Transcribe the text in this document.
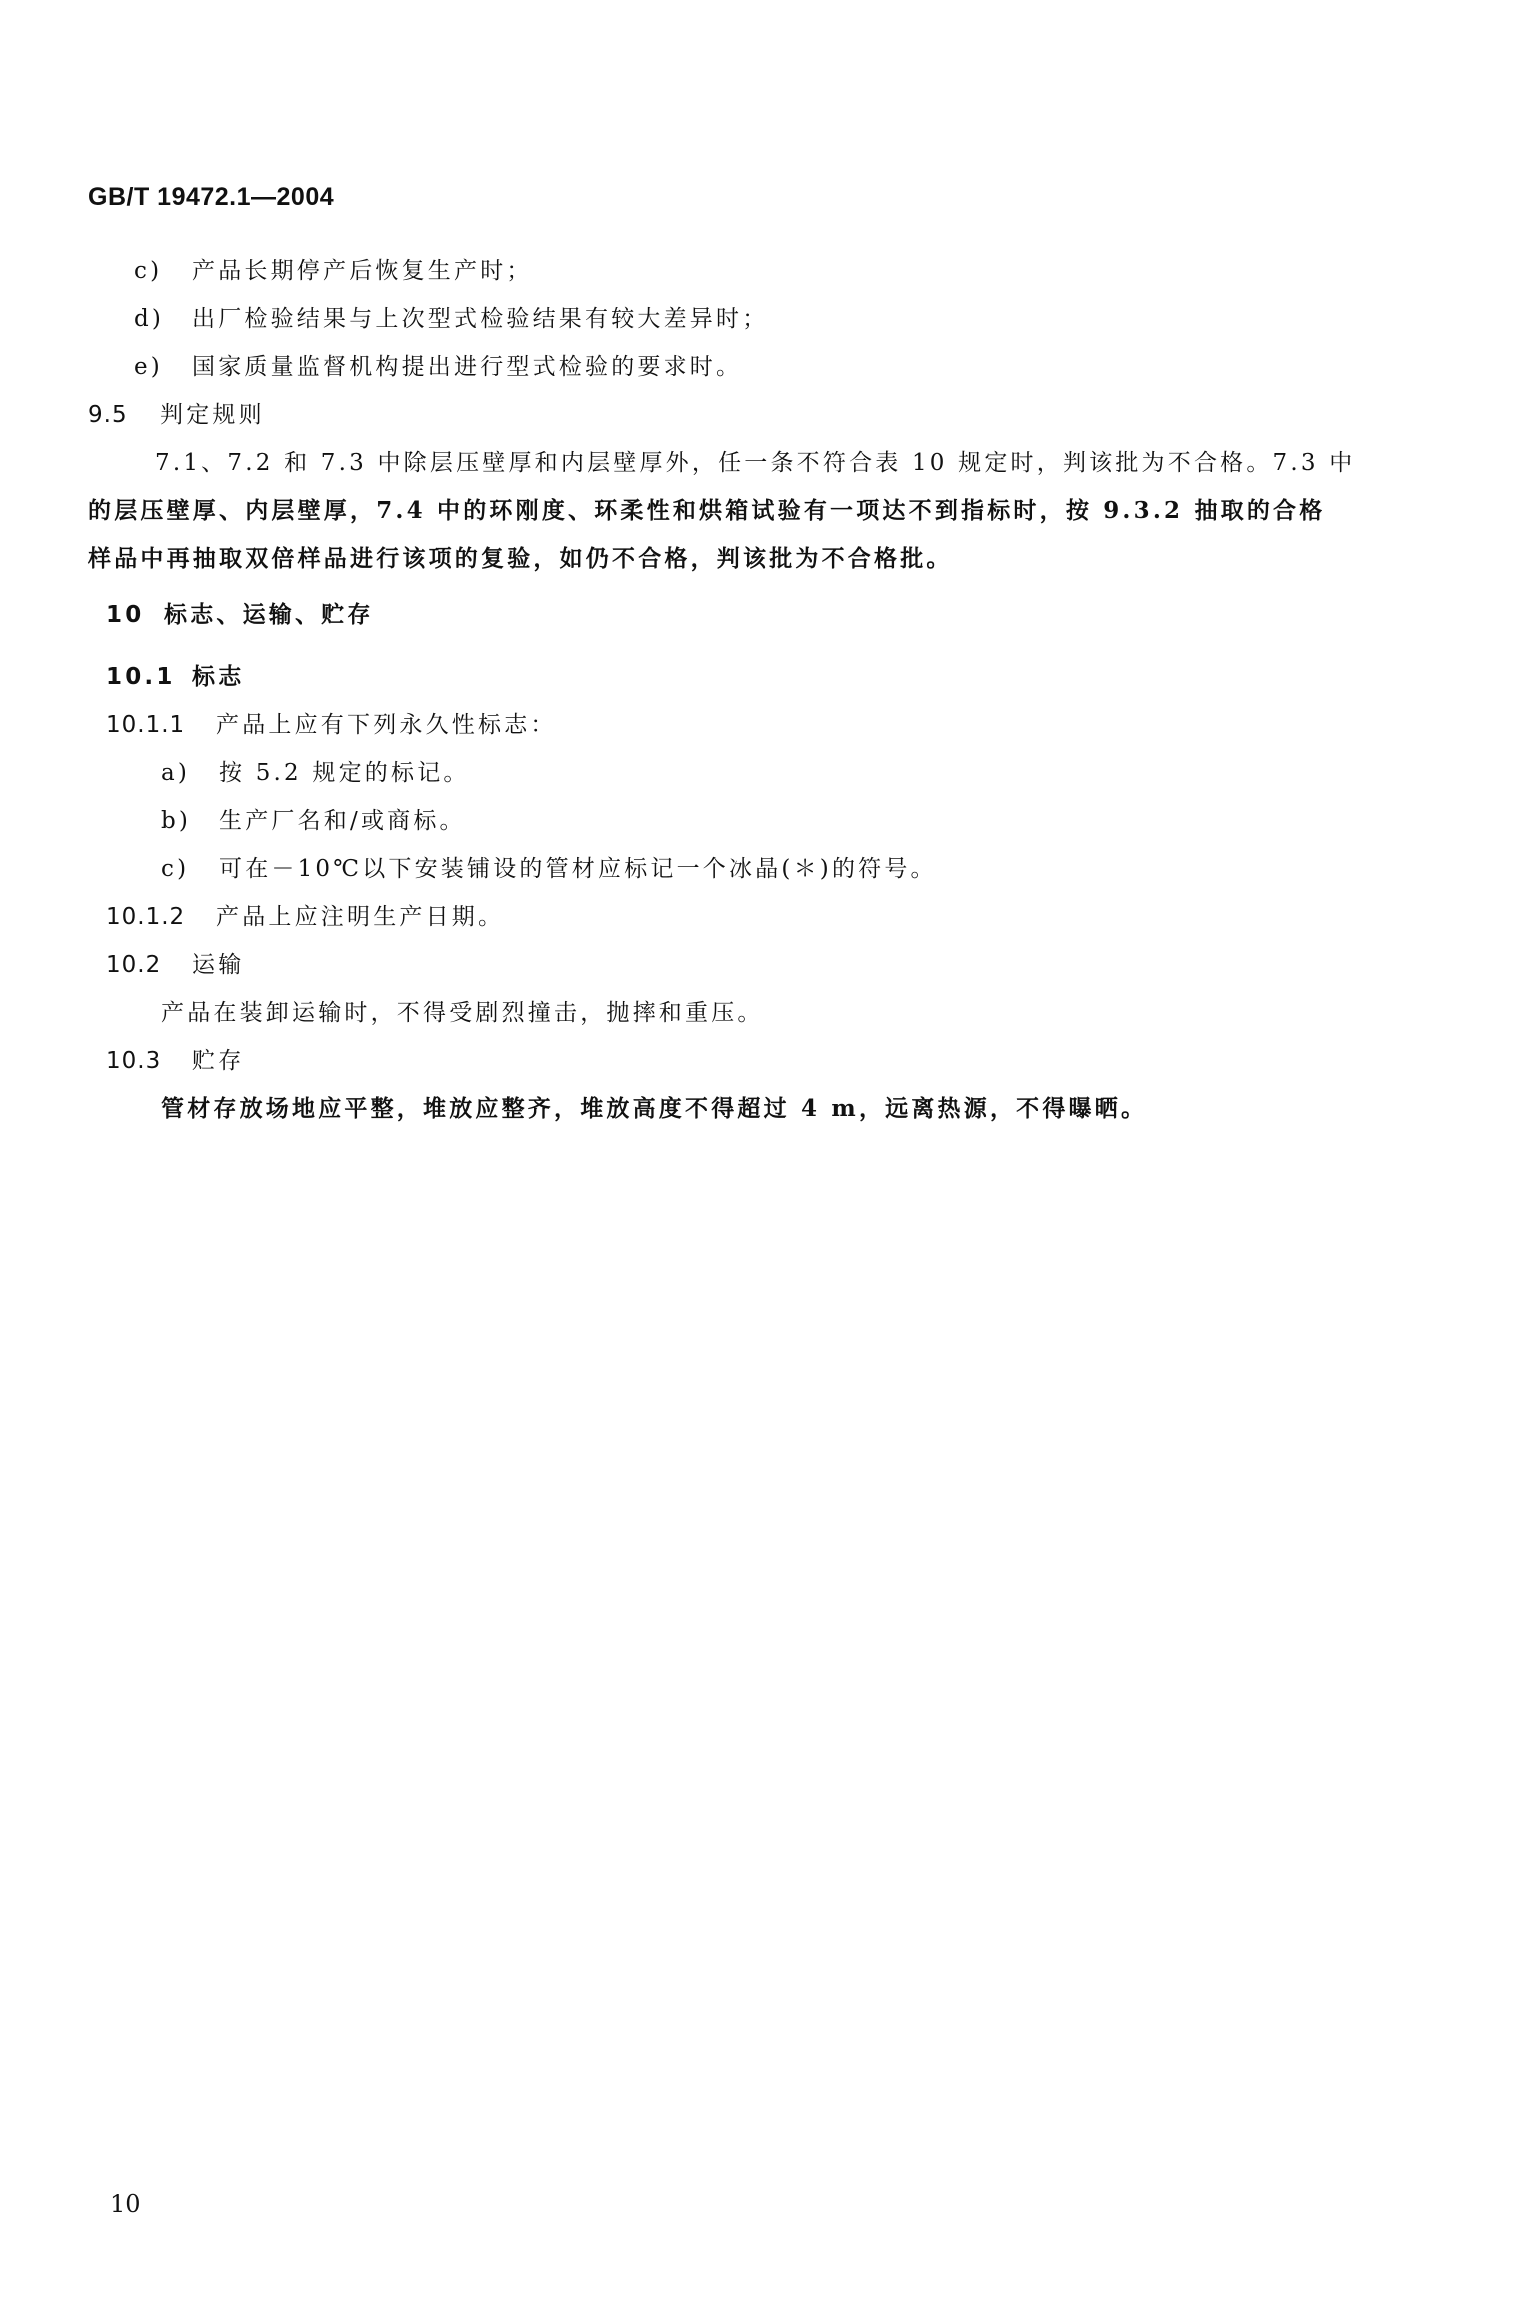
GB/T 19472.1—2004
c) 产品长期停产后恢复生产时；
d) 出厂检验结果与上次型式检验结果有较大差异时；
e) 国家质量监督机构提出进行型式检验的要求时。
9.5 判定规则
7.1、7.2 和 7.3 中除层压壁厚和内层壁厚外，任一条不符合表 10 规定时，判该批为不合格。7.3 中
的层压壁厚、内层壁厚，7.4 中的环刚度、环柔性和烘箱试验有一项达不到指标时，按 9.3.2 抽取的合格
样品中再抽取双倍样品进行该项的复验，如仍不合格，判该批为不合格批。
10 标志、运输、贮存
10.1 标志
10.1.1 产品上应有下列永久性标志：
a) 按 5.2 规定的标记。
b) 生产厂名和/或商标。
c) 可在－10℃以下安装铺设的管材应标记一个冰晶(＊)的符号。
10.1.2 产品上应注明生产日期。
10.2 运输
产品在装卸运输时，不得受剧烈撞击，抛摔和重压。
10.3 贮存
管材存放场地应平整，堆放应整齐，堆放高度不得超过 4 m，远离热源，不得曝晒。
10
